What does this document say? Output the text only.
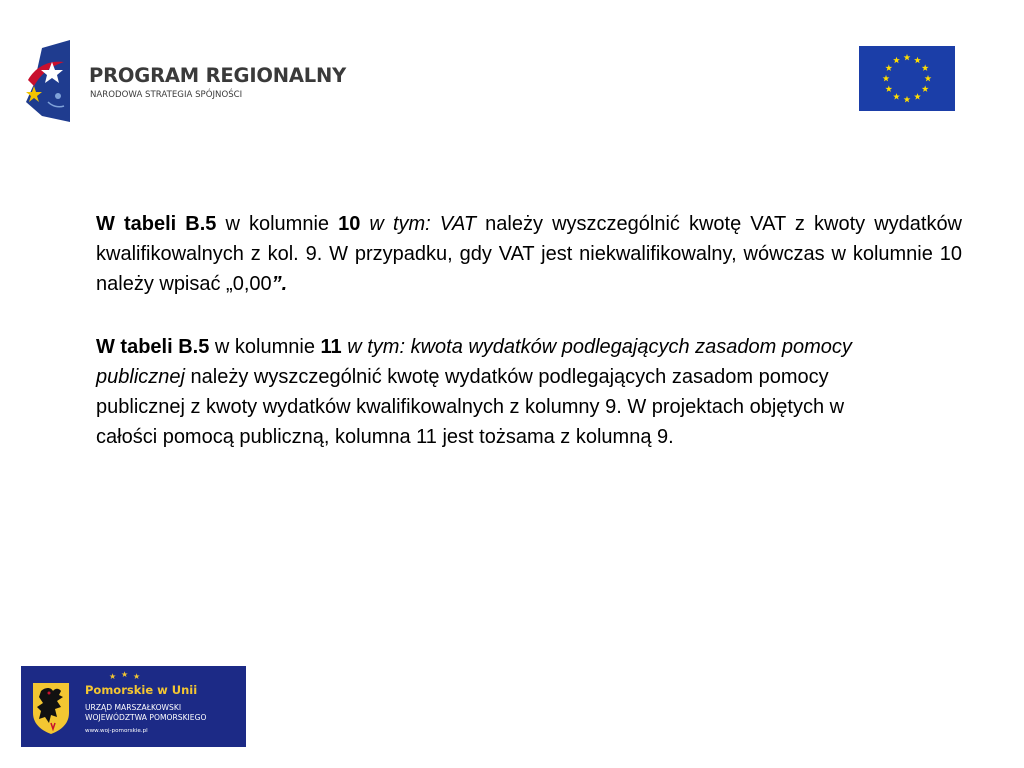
PROGRAM REGIONALNY
NARODOWA STRATEGIA SPÓJNOŚCI

W tabeli B.5 w kolumnie 10 w tym: VAT należy wyszczególnić kwotę VAT z kwoty wydatków kwalifikowalnych z kol. 9. W przypadku, gdy VAT jest niekwalifikowalny, wówczas w kolumnie 10 należy wpisać „0,00”.

W tabeli B.5 w kolumnie 11 w tym: kwota wydatków podlegających zasadom pomocy publicznej należy wyszczególnić kwotę wydatków podlegających zasadom pomocy publicznej z kwoty wydatków kwalifikowalnych z kolumny 9. W projektach objętych w całości pomocą publiczną, kolumna 11 jest tożsama z kolumną 9.

★ ★ ★
Pomorskie w Unii
URZĄD MARSZAŁKOWSKI
WOJEWÓDZTWA POMORSKIEGO
www.woj-pomorskie.pl
